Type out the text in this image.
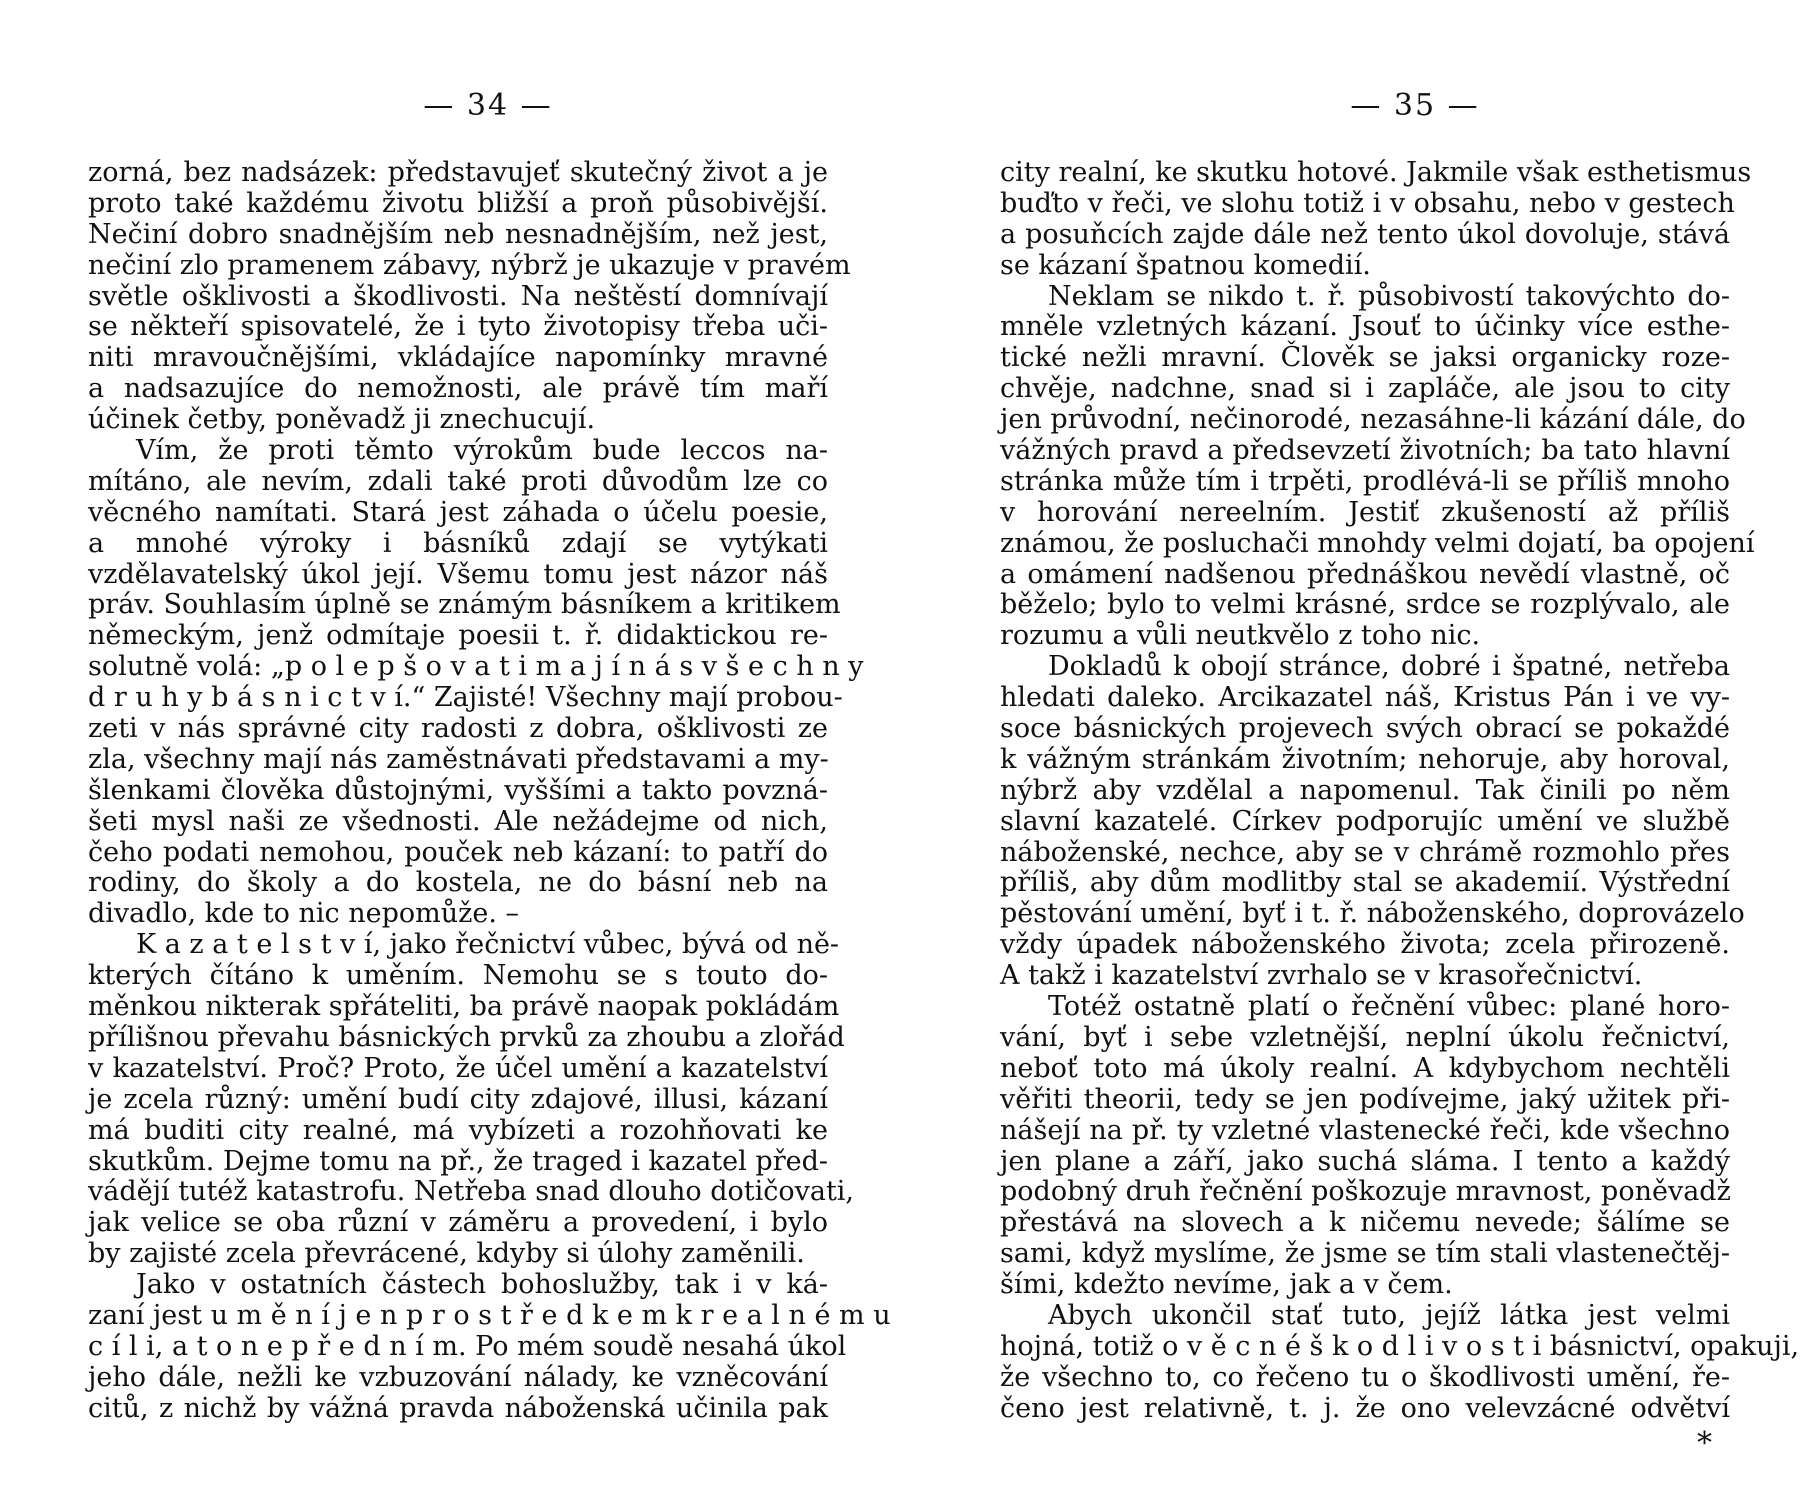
— 34 —
zorná, bez nadsázek: představujeť skutečný život a je
proto také každému životu bližší a proň působivější.
Nečiní dobro snadnějším neb nesnadnějším, než jest,
nečiní zlo pramenem zábavy, nýbrž je ukazuje v pravém
světle ošklivosti a škodlivosti. Na neštěstí domnívají
se někteří spisovatelé, že i tyto životopisy třeba uči-
niti mravoučnějšími, vkládajíce napomínky mravné
a nadsazujíce do nemožnosti, ale právě tím maří
účinek četby, poněvadž ji znechucují.
Vím, že proti těmto výrokům bude leccos na-
mítáno, ale nevím, zdali také proti důvodům lze co
věcného namítati. Stará jest záhada o účelu poesie,
a mnohé výroky i básníků zdají se vytýkati
vzdělavatelský úkol její. Všemu tomu jest názor náš
práv. Souhlasím úplně se známým básníkem a kritikem
německým, jenž odmítaje poesii t. ř. didaktickou re-
solutně volá: „p o l e p š o v a t i m a j í n á s v š e c h n y
d r u h y b á s n i c t v í.“ Zajisté! Všechny mají probou-
zeti v nás správné city radosti z dobra, ošklivosti ze
zla, všechny mají nás zaměstnávati představami a my-
šlenkami člověka důstojnými, vyššími a takto povzná-
šeti mysl naši ze všednosti. Ale nežádejme od nich,
čeho podati nemohou, pouček neb kázaní: to patří do
rodiny, do školy a do kostela, ne do básní neb na
divadlo, kde to nic nepomůže. –
K a z a t e l s t v í, jako řečnictví vůbec, bývá od ně-
kterých čítáno k uměním. Nemohu se s touto do-
měnkou nikterak spřáteliti, ba právě naopak pokládám
přílišnou převahu básnických prvků za zhoubu a zlořád
v kazatelství. Proč? Proto, že účel umění a kazatelství
je zcela různý: umění budí city zdajové, illusi, kázaní
má buditi city realné, má vybízeti a rozohňovati ke
skutkům. Dejme tomu na př., že traged i kazatel před-
vádějí tutéž katastrofu. Netřeba snad dlouho dotičovati,
jak velice se oba různí v záměru a provedení, i bylo
by zajisté zcela převrácené, kdyby si úlohy zaměnili.
Jako v ostatních částech bohoslužby, tak i v ká-
zaní jest u m ě n í j e n p r o s t ř e d k e m k r e a l n é m u
c í l i, a t o n e p ř e d n í m. Po mém soudě nesahá úkol
jeho dále, nežli ke vzbuzování nálady, ke vzněcování
citů, z nichž by vážná pravda náboženská učinila pak
— 35 —
city realní, ke skutku hotové. Jakmile však esthetismus
buďto v řeči, ve slohu totiž i v obsahu, nebo v gestech
a posuňcích zajde dále než tento úkol dovoluje, stává
se kázaní špatnou komedií.
Neklam se nikdo t. ř. působivostí takovýchto do-
mněle vzletných kázaní. Jsouť to účinky více esthe-
tické nežli mravní. Člověk se jaksi organicky roze-
chvěje, nadchne, snad si i zapláče, ale jsou to city
jen průvodní, nečinorodé, nezasáhne-li kázání dále, do
vážných pravd a předsevzetí životních; ba tato hlavní
stránka může tím i trpěti, prodlévá-li se příliš mnoho
v horování nereelním. Jestiť zkušeností až příliš
známou, že posluchači mnohdy velmi dojatí, ba opojení
a omámení nadšenou přednáškou nevědí vlastně, oč
běželo; bylo to velmi krásné, srdce se rozplývalo, ale
rozumu a vůli neutkvělo z toho nic.
Dokladů k obojí stránce, dobré i špatné, netřeba
hledati daleko. Arcikazatel náš, Kristus Pán i ve vy-
soce básnických projevech svých obrací se pokaždé
k vážným stránkám životním; nehoruje, aby horoval,
nýbrž aby vzdělal a napomenul. Tak činili po něm
slavní kazatelé. Církev podporujíc umění ve službě
náboženské, nechce, aby se v chrámě rozmohlo přes
příliš, aby dům modlitby stal se akademií. Výstřední
pěstování umění, byť i t. ř. náboženského, doprovázelo
vždy úpadek náboženského života; zcela přirozeně.
A takž i kazatelství zvrhalo se v krasořečnictví.
Totéž ostatně platí o řečnění vůbec: plané horo-
vání, byť i sebe vzletnější, neplní úkolu řečnictví,
neboť toto má úkoly realní. A kdybychom nechtěli
věřiti theorii, tedy se jen podívejme, jaký užitek při-
nášejí na př. ty vzletné vlastenecké řeči, kde všechno
jen plane a září, jako suchá sláma. I tento a každý
podobný druh řečnění poškozuje mravnost, poněvadž
přestává na slovech a k ničemu nevede; šálíme se
sami, když myslíme, že jsme se tím stali vlastenečtěj-
šími, kdežto nevíme, jak a v čem.
Abych ukončil stať tuto, jejíž látka jest velmi
hojná, totiž o v ě c n é š k o d l i v o s t i básnictví, opakuji,
že všechno to, co řečeno tu o škodlivosti umění, ře-
čeno jest relativně, t. j. že ono velevzácné odvětví
*
